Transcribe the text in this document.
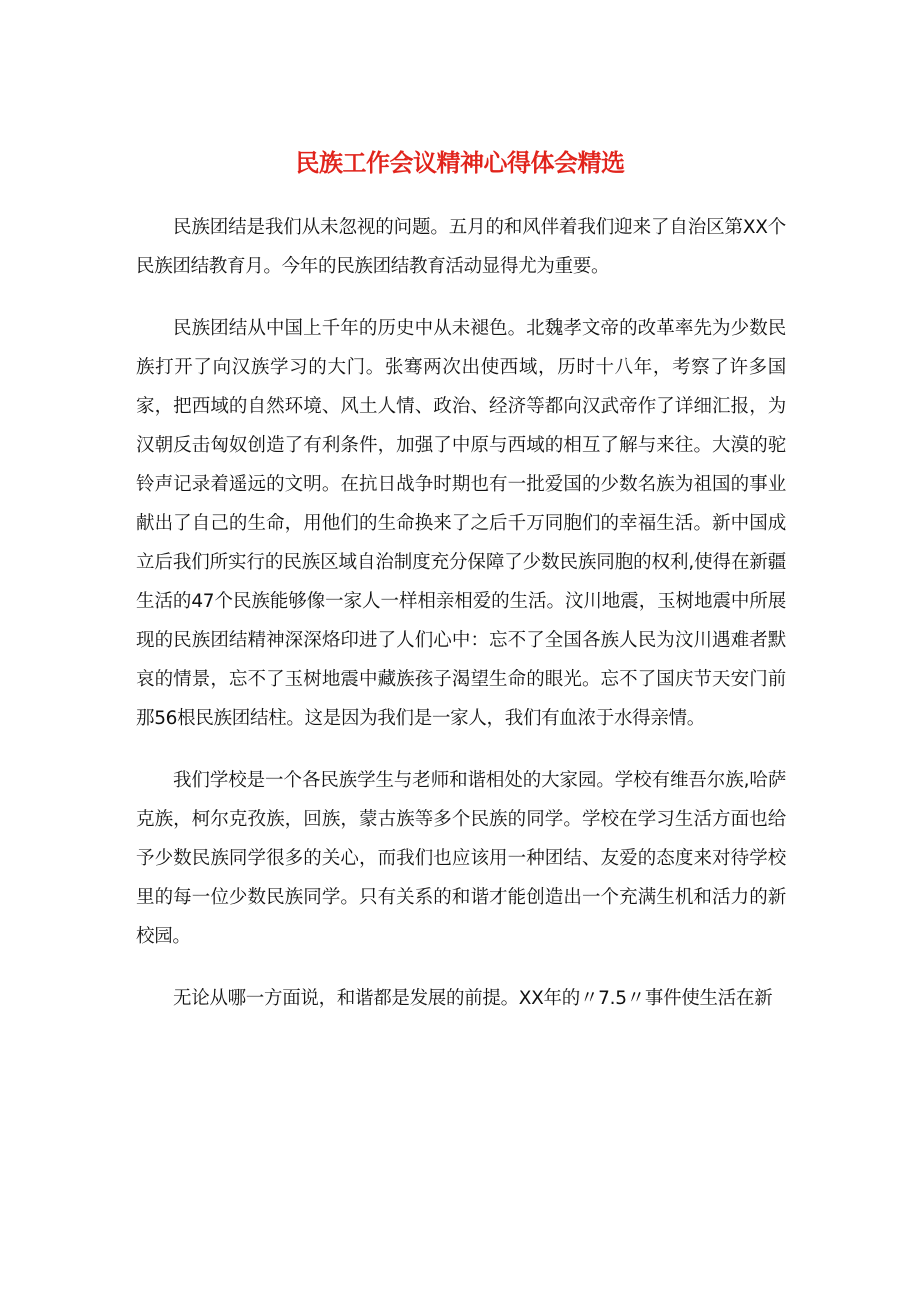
民族工作会议精神心得体会精选

民族团结是我们从未忽视的问题。五月的和风伴着我们迎来了自治区第XX个民族团结教育月。今年的民族团结教育活动显得尤为重要。

民族团结从中国上千年的历史中从未褪色。北魏孝文帝的改革率先为少数民族打开了向汉族学习的大门。张骞两次出使西域，历时十八年，考察了许多国家，把西域的自然环境、风土人情、政治、经济等都向汉武帝作了详细汇报，为汉朝反击匈奴创造了有利条件，加强了中原与西域的相互了解与来往。大漠的驼铃声记录着遥远的文明。在抗日战争时期也有一批爱国的少数名族为祖国的事业献出了自己的生命，用他们的生命换来了之后千万同胞们的幸福生活。新中国成立后我们所实行的民族区域自治制度充分保障了少数民族同胞的权利,使得在新疆生活的47个民族能够像一家人一样相亲相爱的生活。汶川地震，玉树地震中所展现的民族团结精神深深烙印进了人们心中：忘不了全国各族人民为汶川遇难者默哀的情景，忘不了玉树地震中藏族孩子渴望生命的眼光。忘不了国庆节天安门前那56根民族团结柱。这是因为我们是一家人，我们有血浓于水得亲情。

我们学校是一个各民族学生与老师和谐相处的大家园。学校有维吾尔族,哈萨克族，柯尔克孜族，回族，蒙古族等多个民族的同学。学校在学习生活方面也给予少数民族同学很多的关心，而我们也应该用一种团结、友爱的态度来对待学校里的每一位少数民族同学。只有关系的和谐才能创造出一个充满生机和活力的新校园。

无论从哪一方面说，和谐都是发展的前提。XX年的〃7.5〃事件使生活在新
